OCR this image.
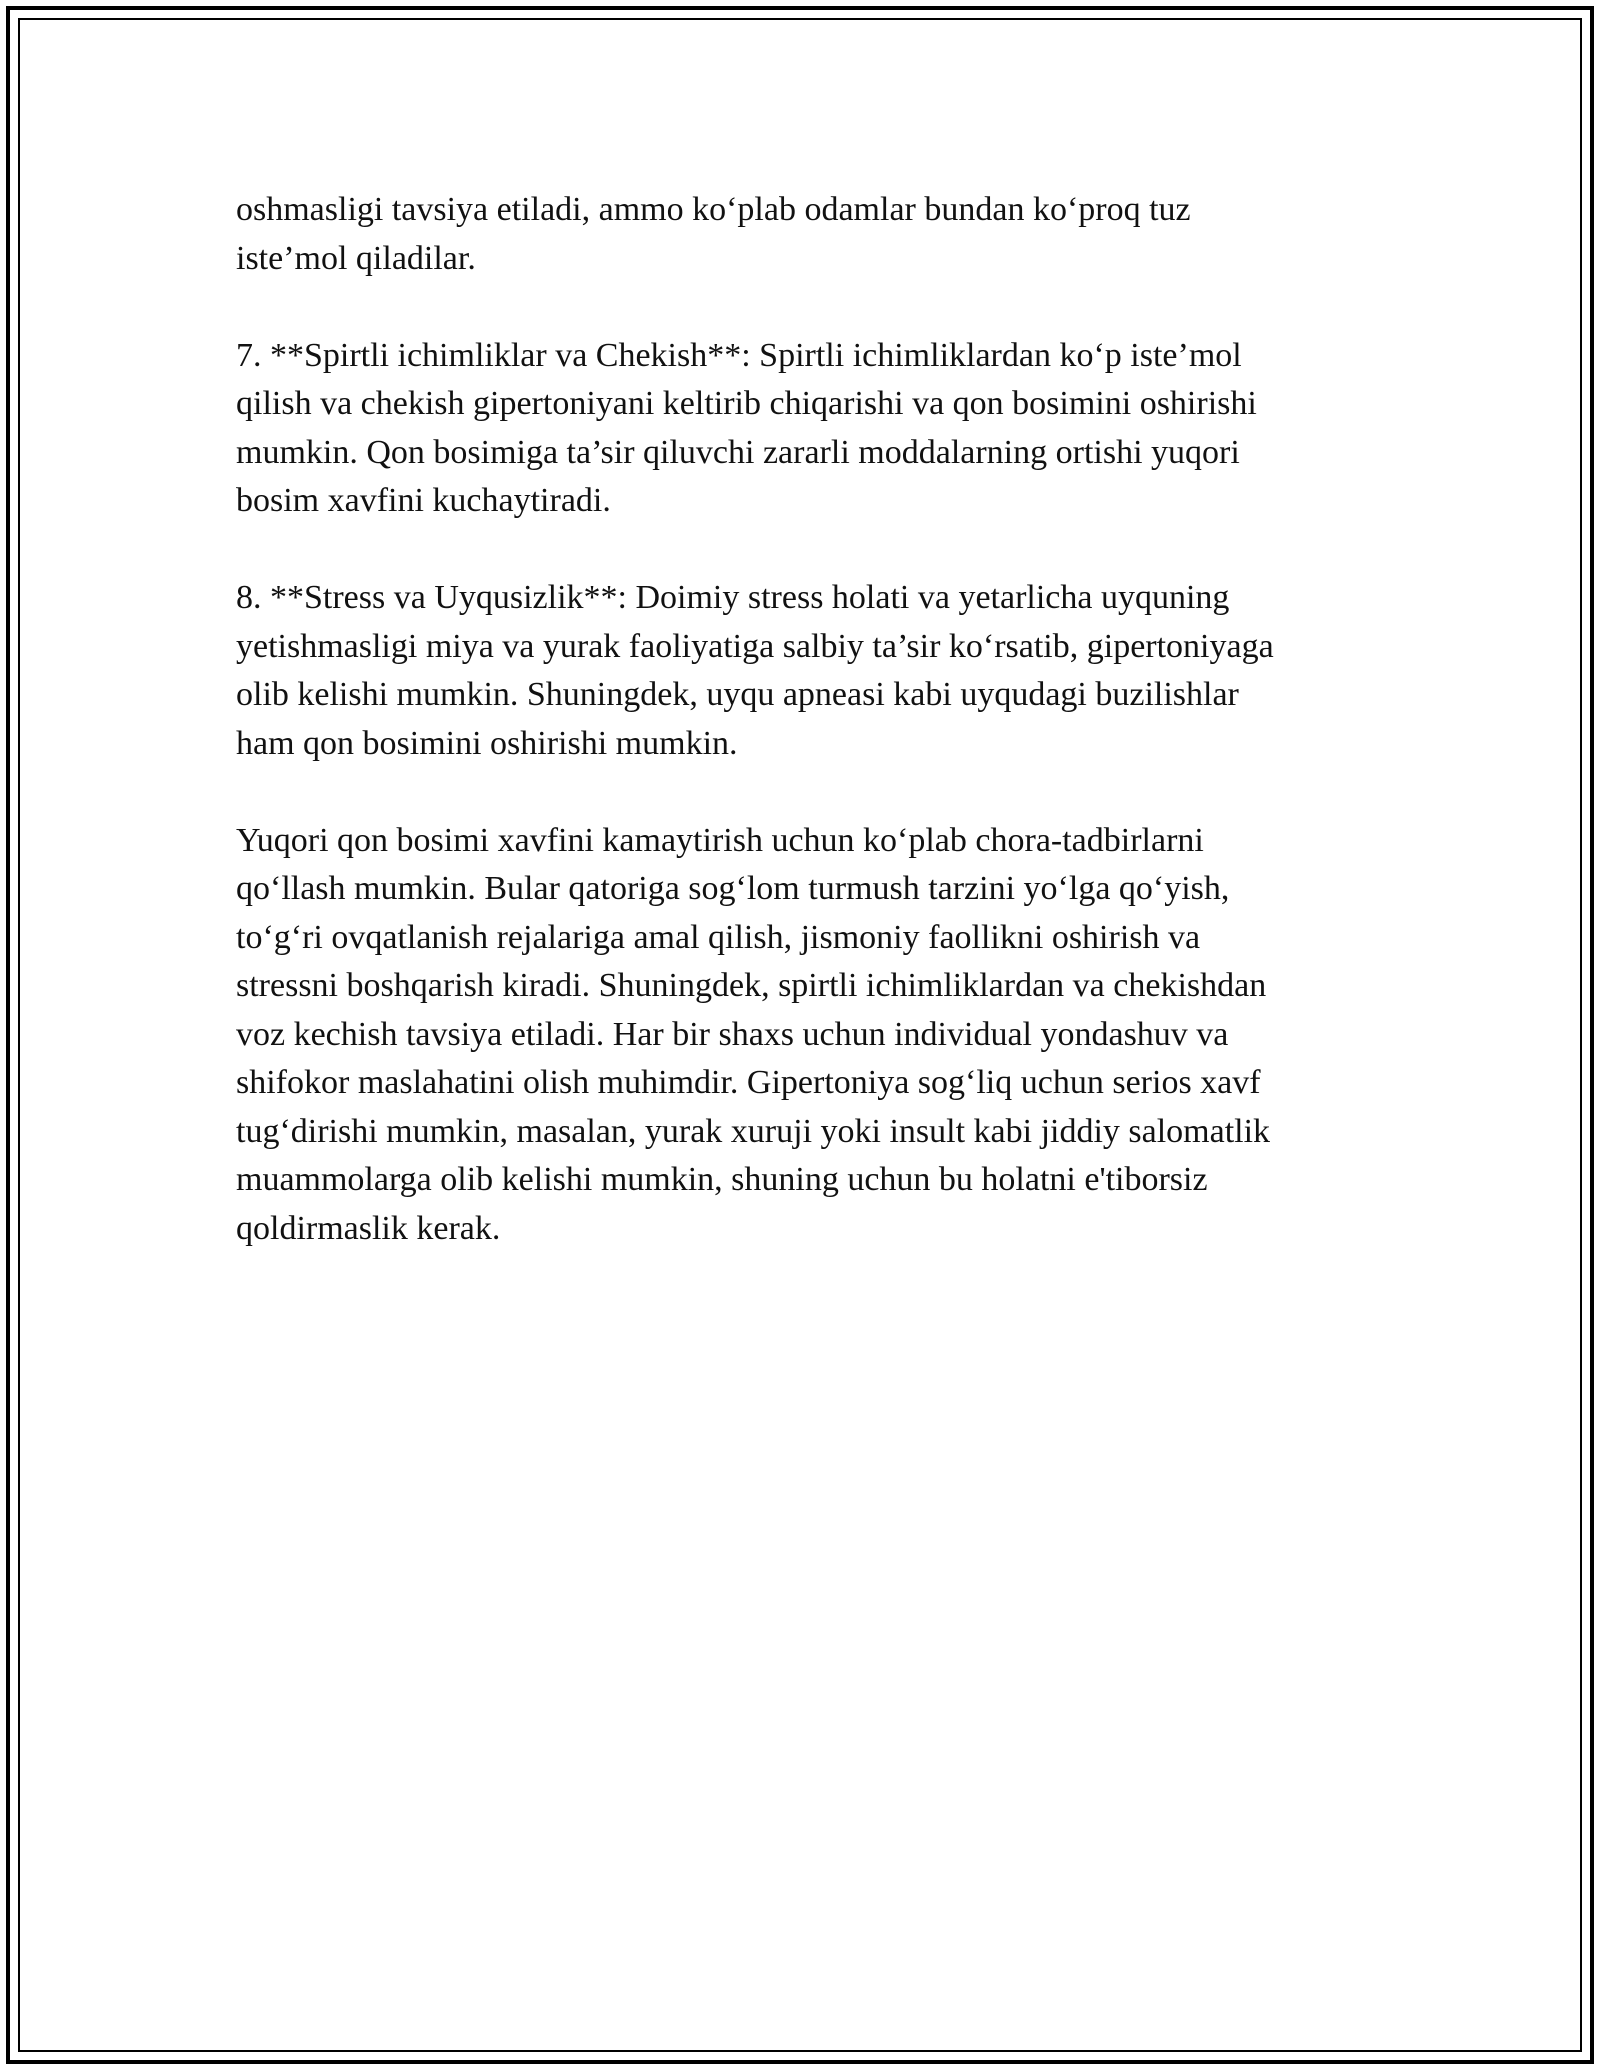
oshmasligi tavsiya etiladi, ammo ko‘plab odamlar bundan ko‘proq tuz
iste’mol qiladilar.

7. **Spirtli ichimliklar va Chekish**: Spirtli ichimliklardan ko‘p iste’mol
qilish va chekish gipertoniyani keltirib chiqarishi va qon bosimini oshirishi
mumkin. Qon bosimiga ta’sir qiluvchi zararli moddalarning ortishi yuqori
bosim xavfini kuchaytiradi.

8. **Stress va Uyqusizlik**: Doimiy stress holati va yetarlicha uyquning
yetishmasligi miya va yurak faoliyatiga salbiy ta’sir ko‘rsatib, gipertoniyaga
olib kelishi mumkin. Shuningdek, uyqu apneasi kabi uyqudagi buzilishlar
ham qon bosimini oshirishi mumkin.

Yuqori qon bosimi xavfini kamaytirish uchun ko‘plab chora-tadbirlarni
qo‘llash mumkin. Bular qatoriga sog‘lom turmush tarzini yo‘lga qo‘yish,
to‘g‘ri ovqatlanish rejalariga amal qilish, jismoniy faollikni oshirish va
stressni boshqarish kiradi. Shuningdek, spirtli ichimliklardan va chekishdan
voz kechish tavsiya etiladi. Har bir shaxs uchun individual yondashuv va
shifokor maslahatini olish muhimdir. Gipertoniya sog‘liq uchun serios xavf
tug‘dirishi mumkin, masalan, yurak xuruji yoki insult kabi jiddiy salomatlik
muammolarga olib kelishi mumkin, shuning uchun bu holatni e'tiborsiz
qoldirmaslik kerak.
